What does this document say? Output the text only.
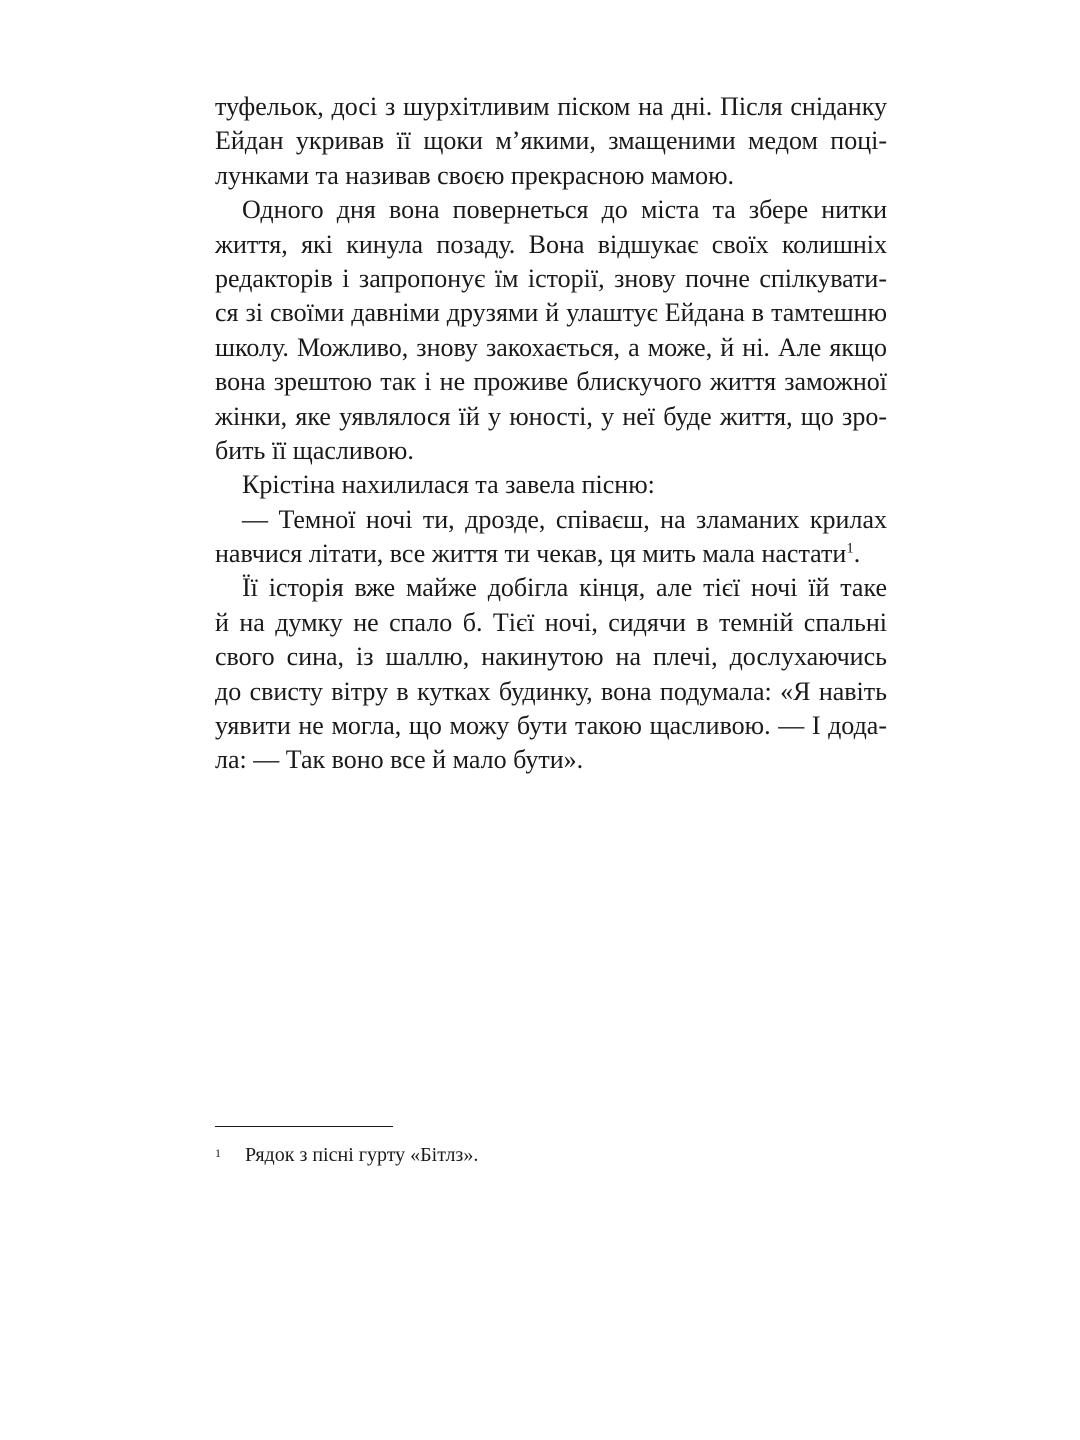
туфельок, досі з шурхітливим піском на дні. Після сніданку
Ейдан укривав її щоки м’якими, змащеними медом поці-
лунками та називав своєю прекрасною мамою.
Одного дня вона повернеться до міста та збере нитки
життя, які кинула позаду. Вона відшукає своїх колишніх
редакторів і запропонує їм історії, знову почне спілкувати-
ся зі своїми давніми друзями й улаштує Ейдана в тамтешню
школу. Можливо, знову закохається, а може, й ні. Але якщо
вона зрештою так і не проживе блискучого життя заможної
жінки, яке уявлялося їй у юності, у неї буде життя, що зро-
бить її щасливою.
Крістіна нахилилася та завела пісню:
— Темної ночі ти, дрозде, співаєш, на зламаних крилах
навчися літати, все життя ти чекав, ця мить мала настати$^1$.
Її історія вже майже добігла кінця, але тієї ночі їй таке
й на думку не спало б. Тієї ночі, сидячи в темній спальні
свого сина, із шаллю, накинутою на плечі, дослухаючись
до свисту вітру в кутках будинку, вона подумала: «Я навіть
уявити не могла, що можу бути такою щасливою. — І дода-
ла: — Так воно все й мало бути».
1 Рядок з пісні гурту «Бітлз».
